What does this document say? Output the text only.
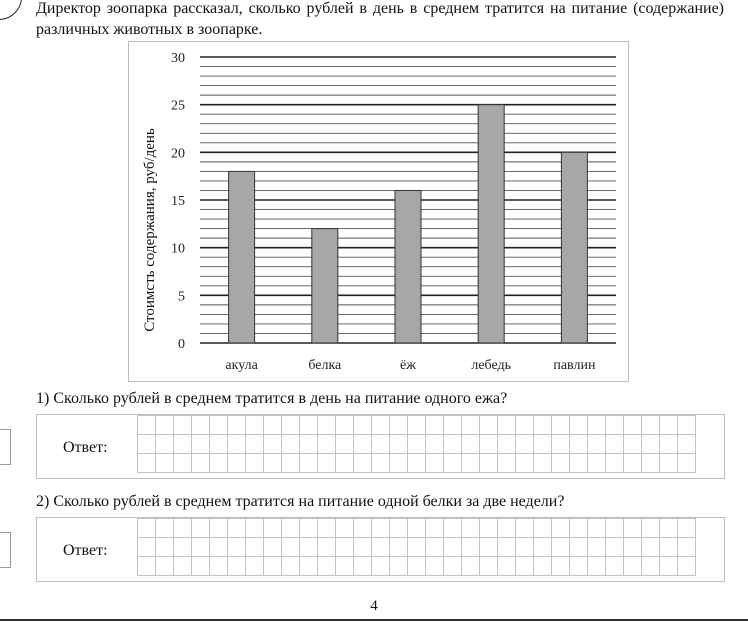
Директор зоопарка рассказал, сколько рублей в день в среднем тратится на питание (содержание) различных животных в зоопарке.
0
5
10
15
20
25
30
Стоимсть содержания, руб/день
акула	белка	ёж	лебедь	павлин
1) Сколько рублей в среднем тратится в день на питание одного ежа?
Ответ:

2) Сколько рублей в среднем тратится на питание одной белки за две недели?
Ответ:

4
